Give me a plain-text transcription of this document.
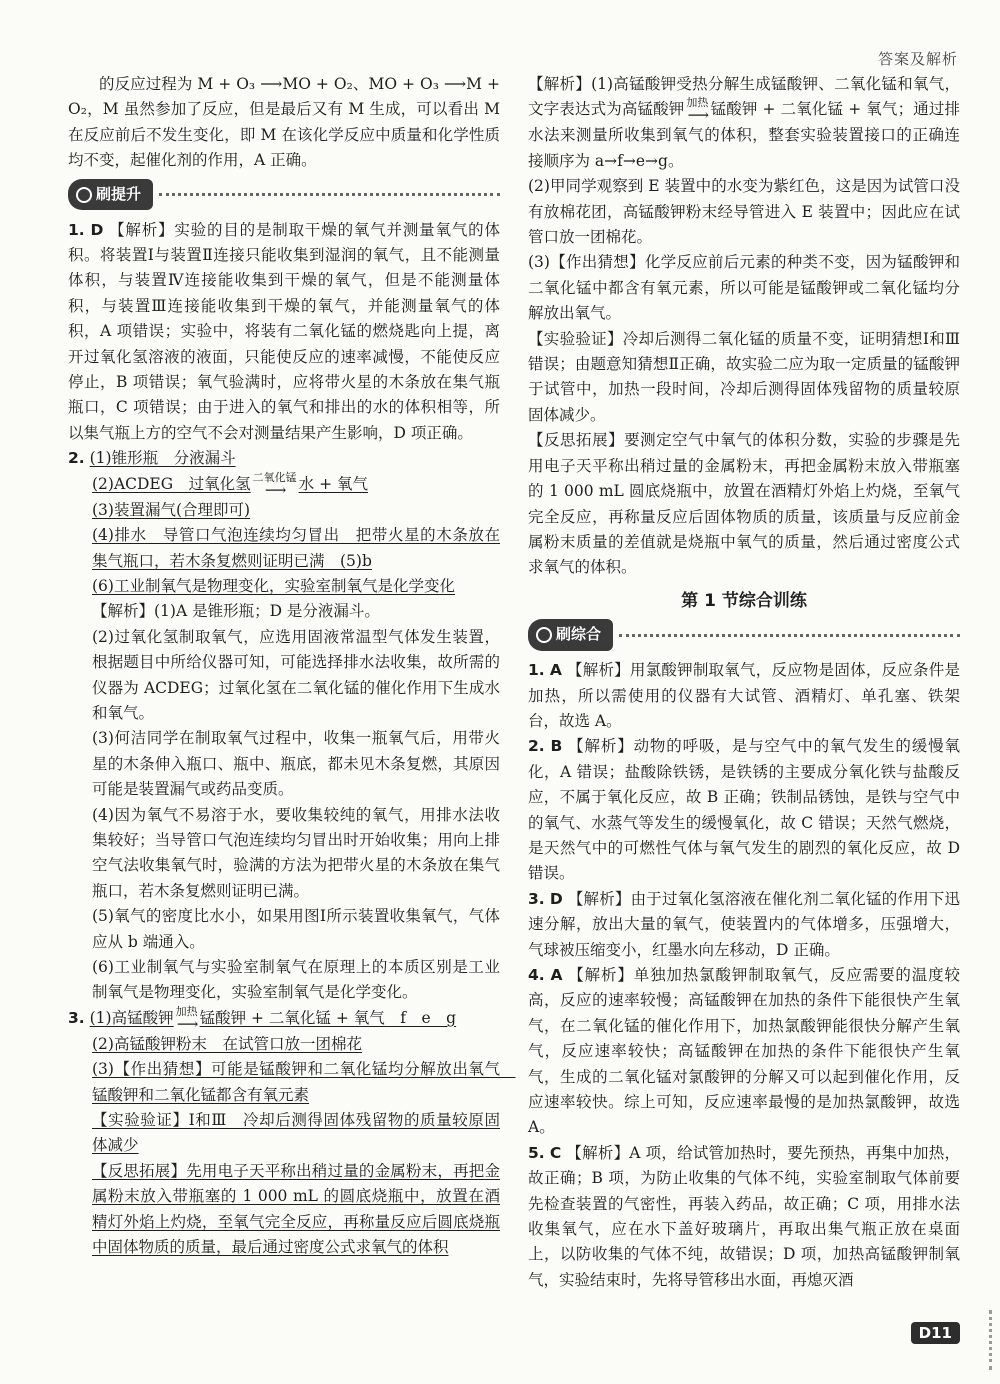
答案及解析

的反应过程为 M + O₃ ⟶MO + O₂、MO + O₃ ⟶M + O₂，M 虽然参加了反应，但是最后又有 M 生成，可以看出 M 在反应前后不发生变化，即 M 在该化学反应中质量和化学性质均不变，起催化剂的作用，A 正确。

刷提升

1. D 【解析】实验的目的是制取干燥的氧气并测量氧气的体积。将装置Ⅰ与装置Ⅱ连接只能收集到湿润的氧气，且不能测量体积，与装置Ⅳ连接能收集到干燥的氧气，但是不能测量体积，与装置Ⅲ连接能收集到干燥的氧气，并能测量氧气的体积，A 项错误；实验中，将装有二氧化锰的燃烧匙向上提，离开过氧化氢溶液的液面，只能使反应的速率减慢，不能使反应停止，B 项错误；氧气验满时，应将带火星的木条放在集气瓶瓶口，C 项错误；由于进入的氧气和排出的水的体积相等，所以集气瓶上方的空气不会对测量结果产生影响，D 项正确。

2. (1)锥形瓶　分液漏斗

(2)ACDEG　过氧化氢 二氧化锰
⟶ 水 + 氧气

(3)装置漏气(合理即可)

(4)排水　导管口气泡连续均匀冒出　把带火星的木条放在集气瓶口，若木条复燃则证明已满　(5)b

(6)工业制氧气是物理变化，实验室制氧气是化学变化

【解析】(1)A 是锥形瓶；D 是分液漏斗。

(2)过氧化氢制取氧气，应选用固液常温型气体发生装置，根据题目中所给仪器可知，可能选择排水法收集，故所需的仪器为 ACDEG；过氧化氢在二氧化锰的催化作用下生成水和氧气。

(3)何洁同学在制取氧气过程中，收集一瓶氧气后，用带火星的木条伸入瓶口、瓶中、瓶底，都未见木条复燃，其原因可能是装置漏气或药品变质。

(4)因为氧气不易溶于水，要收集较纯的氧气，用排水法收集较好；当导管口气泡连续均匀冒出时开始收集；用向上排空气法收集氧气时，验满的方法为把带火星的木条放在集气瓶口，若木条复燃则证明已满。

(5)氧气的密度比水小，如果用图Ⅰ所示装置收集氧气，气体应从 b 端通入。

(6)工业制氧气与实验室制氧气在原理上的本质区别是工业制氧气是物理变化，实验室制氧气是化学变化。

3. (1)高锰酸钾 加热
⟶ 锰酸钾 + 二氧化锰 + 氧气　f　e　g

(2)高锰酸钾粉末　在试管口放一团棉花

(3)【作出猜想】可能是锰酸钾和二氧化锰均分解放出氧气　锰酸钾和二氧化锰都含有氧元素

【实验验证】Ⅰ和Ⅲ　冷却后测得固体残留物的质量较原固体减少

【反思拓展】先用电子天平称出稍过量的金属粉末，再把金属粉末放入带瓶塞的 1 000 mL 的圆底烧瓶中，放置在酒精灯外焰上灼烧，至氧气完全反应，再称量反应后圆底烧瓶中固体物质的质量，最后通过密度公式求氧气的体积

【解析】(1)高锰酸钾受热分解生成锰酸钾、二氧化锰和氧气，文字表达式为高锰酸钾 加热
⟶ 锰酸钾 + 二氧化锰 + 氧气；通过排水法来测量所收集到氧气的体积，整套实验装置接口的正确连接顺序为 a→f→e→g。

(2)甲同学观察到 E 装置中的水变为紫红色，这是因为试管口没有放棉花团，高锰酸钾粉末经导管进入 E 装置中；因此应在试管口放一团棉花。

(3)【作出猜想】化学反应前后元素的种类不变，因为锰酸钾和二氧化锰中都含有氧元素，所以可能是锰酸钾或二氧化锰均分解放出氧气。

【实验验证】冷却后测得二氧化锰的质量不变，证明猜想Ⅰ和Ⅲ错误；由题意知猜想Ⅱ正确，故实验二应为取一定质量的锰酸钾于试管中，加热一段时间，冷却后测得固体残留物的质量较原固体减少。

【反思拓展】要测定空气中氧气的体积分数，实验的步骤是先用电子天平称出稍过量的金属粉末，再把金属粉末放入带瓶塞的 1 000 mL 圆底烧瓶中，放置在酒精灯外焰上灼烧，至氧气完全反应，再称量反应后固体物质的质量，该质量与反应前金属粉末质量的差值就是烧瓶中氧气的质量，然后通过密度公式求氧气的体积。

第 1 节综合训练
刷综合

1. A 【解析】用氯酸钾制取氧气，反应物是固体，反应条件是加热，所以需使用的仪器有大试管、酒精灯、单孔塞、铁架台，故选 A。

2. B 【解析】动物的呼吸，是与空气中的氧气发生的缓慢氧化，A 错误；盐酸除铁锈，是铁锈的主要成分氧化铁与盐酸反应，不属于氧化反应，故 B 正确；铁制品锈蚀，是铁与空气中的氧气、水蒸气等发生的缓慢氧化，故 C 错误；天然气燃烧，是天然气中的可燃性气体与氧气发生的剧烈的氧化反应，故 D 错误。

3. D 【解析】由于过氧化氢溶液在催化剂二氧化锰的作用下迅速分解，放出大量的氧气，使装置内的气体增多，压强增大，气球被压缩变小，红墨水向左移动，D 正确。

4. A 【解析】单独加热氯酸钾制取氧气，反应需要的温度较高，反应的速率较慢；高锰酸钾在加热的条件下能很快产生氧气，在二氧化锰的催化作用下，加热氯酸钾能很快分解产生氧气，反应速率较快；高锰酸钾在加热的条件下能很快产生氧气，生成的二氧化锰对氯酸钾的分解又可以起到催化作用，反应速率较快。综上可知，反应速率最慢的是加热氯酸钾，故选 A。

5. C 【解析】A 项，给试管加热时，要先预热，再集中加热，故正确；B 项，为防止收集的气体不纯，实验室制取气体前要先检查装置的气密性，再装入药品，故正确；C 项，用排水法收集氧气，应在水下盖好玻璃片，再取出集气瓶正放在桌面上，以防收集的气体不纯，故错误；D 项，加热高锰酸钾制氧气，实验结束时，先将导管移出水面，再熄灭酒

D11
